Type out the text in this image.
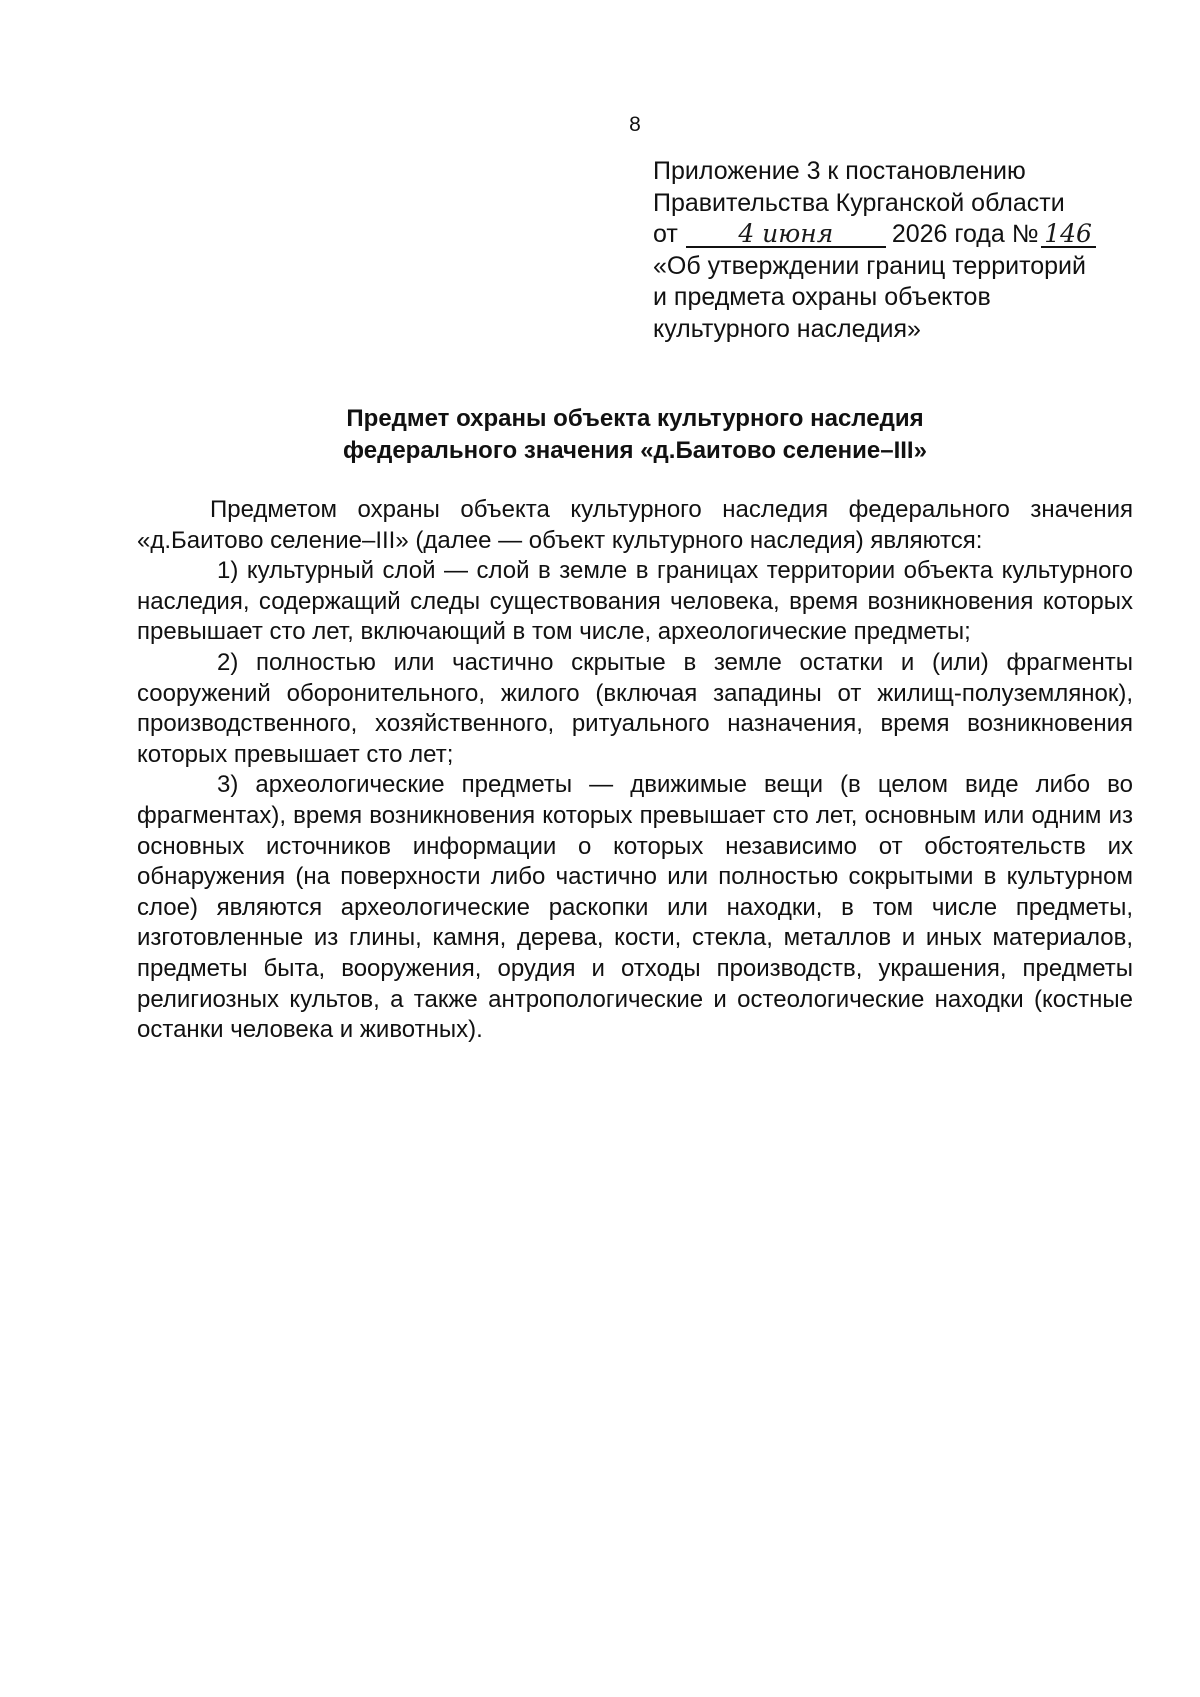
8
Приложение 3 к постановлению
Правительства Курганской области
от 4 июня 2026 года № 146
«Об утверждении границ территорий
и предмета охраны объектов
культурного наследия»
Предмет охраны объекта культурного наследия
федерального значения «д.Баитово селение–III»

Предметом охраны объекта культурного наследия федерального значения «д.Баитово селение–III» (далее — объект культурного наследия) являются:

1) культурный слой — слой в земле в границах территории объекта культурного наследия, содержащий следы существования человека, время возникновения которых превышает сто лет, включающий в том числе, археологические предметы;

2) полностью или частично скрытые в земле остатки и (или) фрагменты сооружений оборонительного, жилого (включая западины от жилищ-полуземлянок), производственного, хозяйственного, ритуального назначения, время возникновения которых превышает сто лет;

3) археологические предметы — движимые вещи (в целом виде либо во фрагментах), время возникновения которых превышает сто лет, основным или одним из основных источников информации о которых независимо от обстоятельств их обнаружения (на поверхности либо частично или полностью сокрытыми в культурном слое) являются археологические раскопки или находки, в том числе предметы, изготовленные из глины, камня, дерева, кости, стекла, металлов и иных материалов, предметы быта, вооружения, орудия и отходы производств, украшения, предметы религиозных культов, а также антропологические и остеологические находки (костные останки человека и животных).
